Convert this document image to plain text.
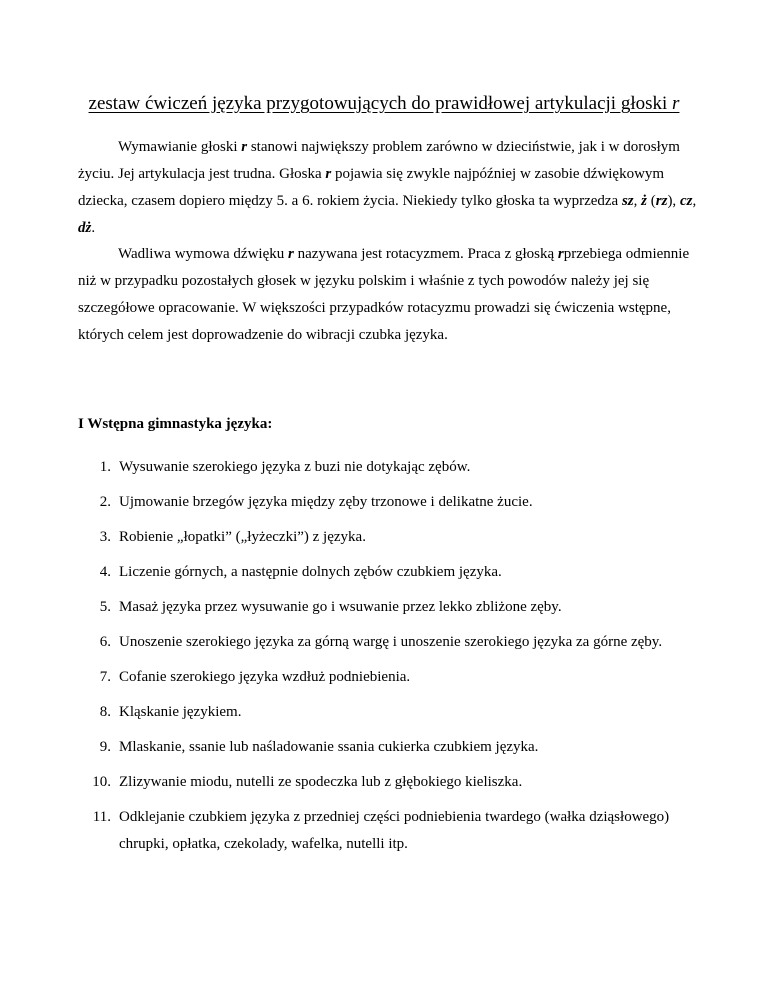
zestaw ćwiczeń języka przygotowujących do prawidłowej artykulacji głoski r

Wymawianie głoski r stanowi największy problem zarówno w dzieciństwie, jak i w dorosłym życiu. Jej artykulacja jest trudna. Głoska r pojawia się zwykle najpóźniej w zasobie dźwiękowym dziecka, czasem dopiero między 5. a 6. rokiem życia. Niekiedy tylko głoska ta wyprzedza sz, ż (rz), cz, dż.

Wadliwa wymowa dźwięku r nazywana jest rotacyzmem. Praca z głoską rprzebiega odmiennie niż w przypadku pozostałych głosek w języku polskim i właśnie z tych powodów należy jej się szczegółowe opracowanie. W większości przypadków rotacyzmu prowadzi się ćwiczenia wstępne, których celem jest doprowadzenie do wibracji czubka języka.

I Wstępna gimnastyka języka:
1. Wysuwanie szerokiego języka z buzi nie dotykając zębów.
2. Ujmowanie brzegów języka między zęby trzonowe i delikatne żucie.
3. Robienie „łopatki” („łyżeczki”) z języka.
4. Liczenie górnych, a następnie dolnych zębów czubkiem języka.
5. Masaż języka przez wysuwanie go i wsuwanie przez lekko zbliżone zęby.
6. Unoszenie szerokiego języka za górną wargę i unoszenie szerokiego języka za górne zęby.
7. Cofanie szerokiego języka wzdłuż podniebienia.
8. Kląskanie językiem.
9. Mlaskanie, ssanie lub naśladowanie ssania cukierka czubkiem języka.
10. Zlizywanie miodu, nutelli ze spodeczka lub z głębokiego kieliszka.
11. Odklejanie czubkiem języka z przedniej części podniebienia twardego (wałka dziąsłowego) chrupki, opłatka, czekolady, wafelka, nutelli itp.
